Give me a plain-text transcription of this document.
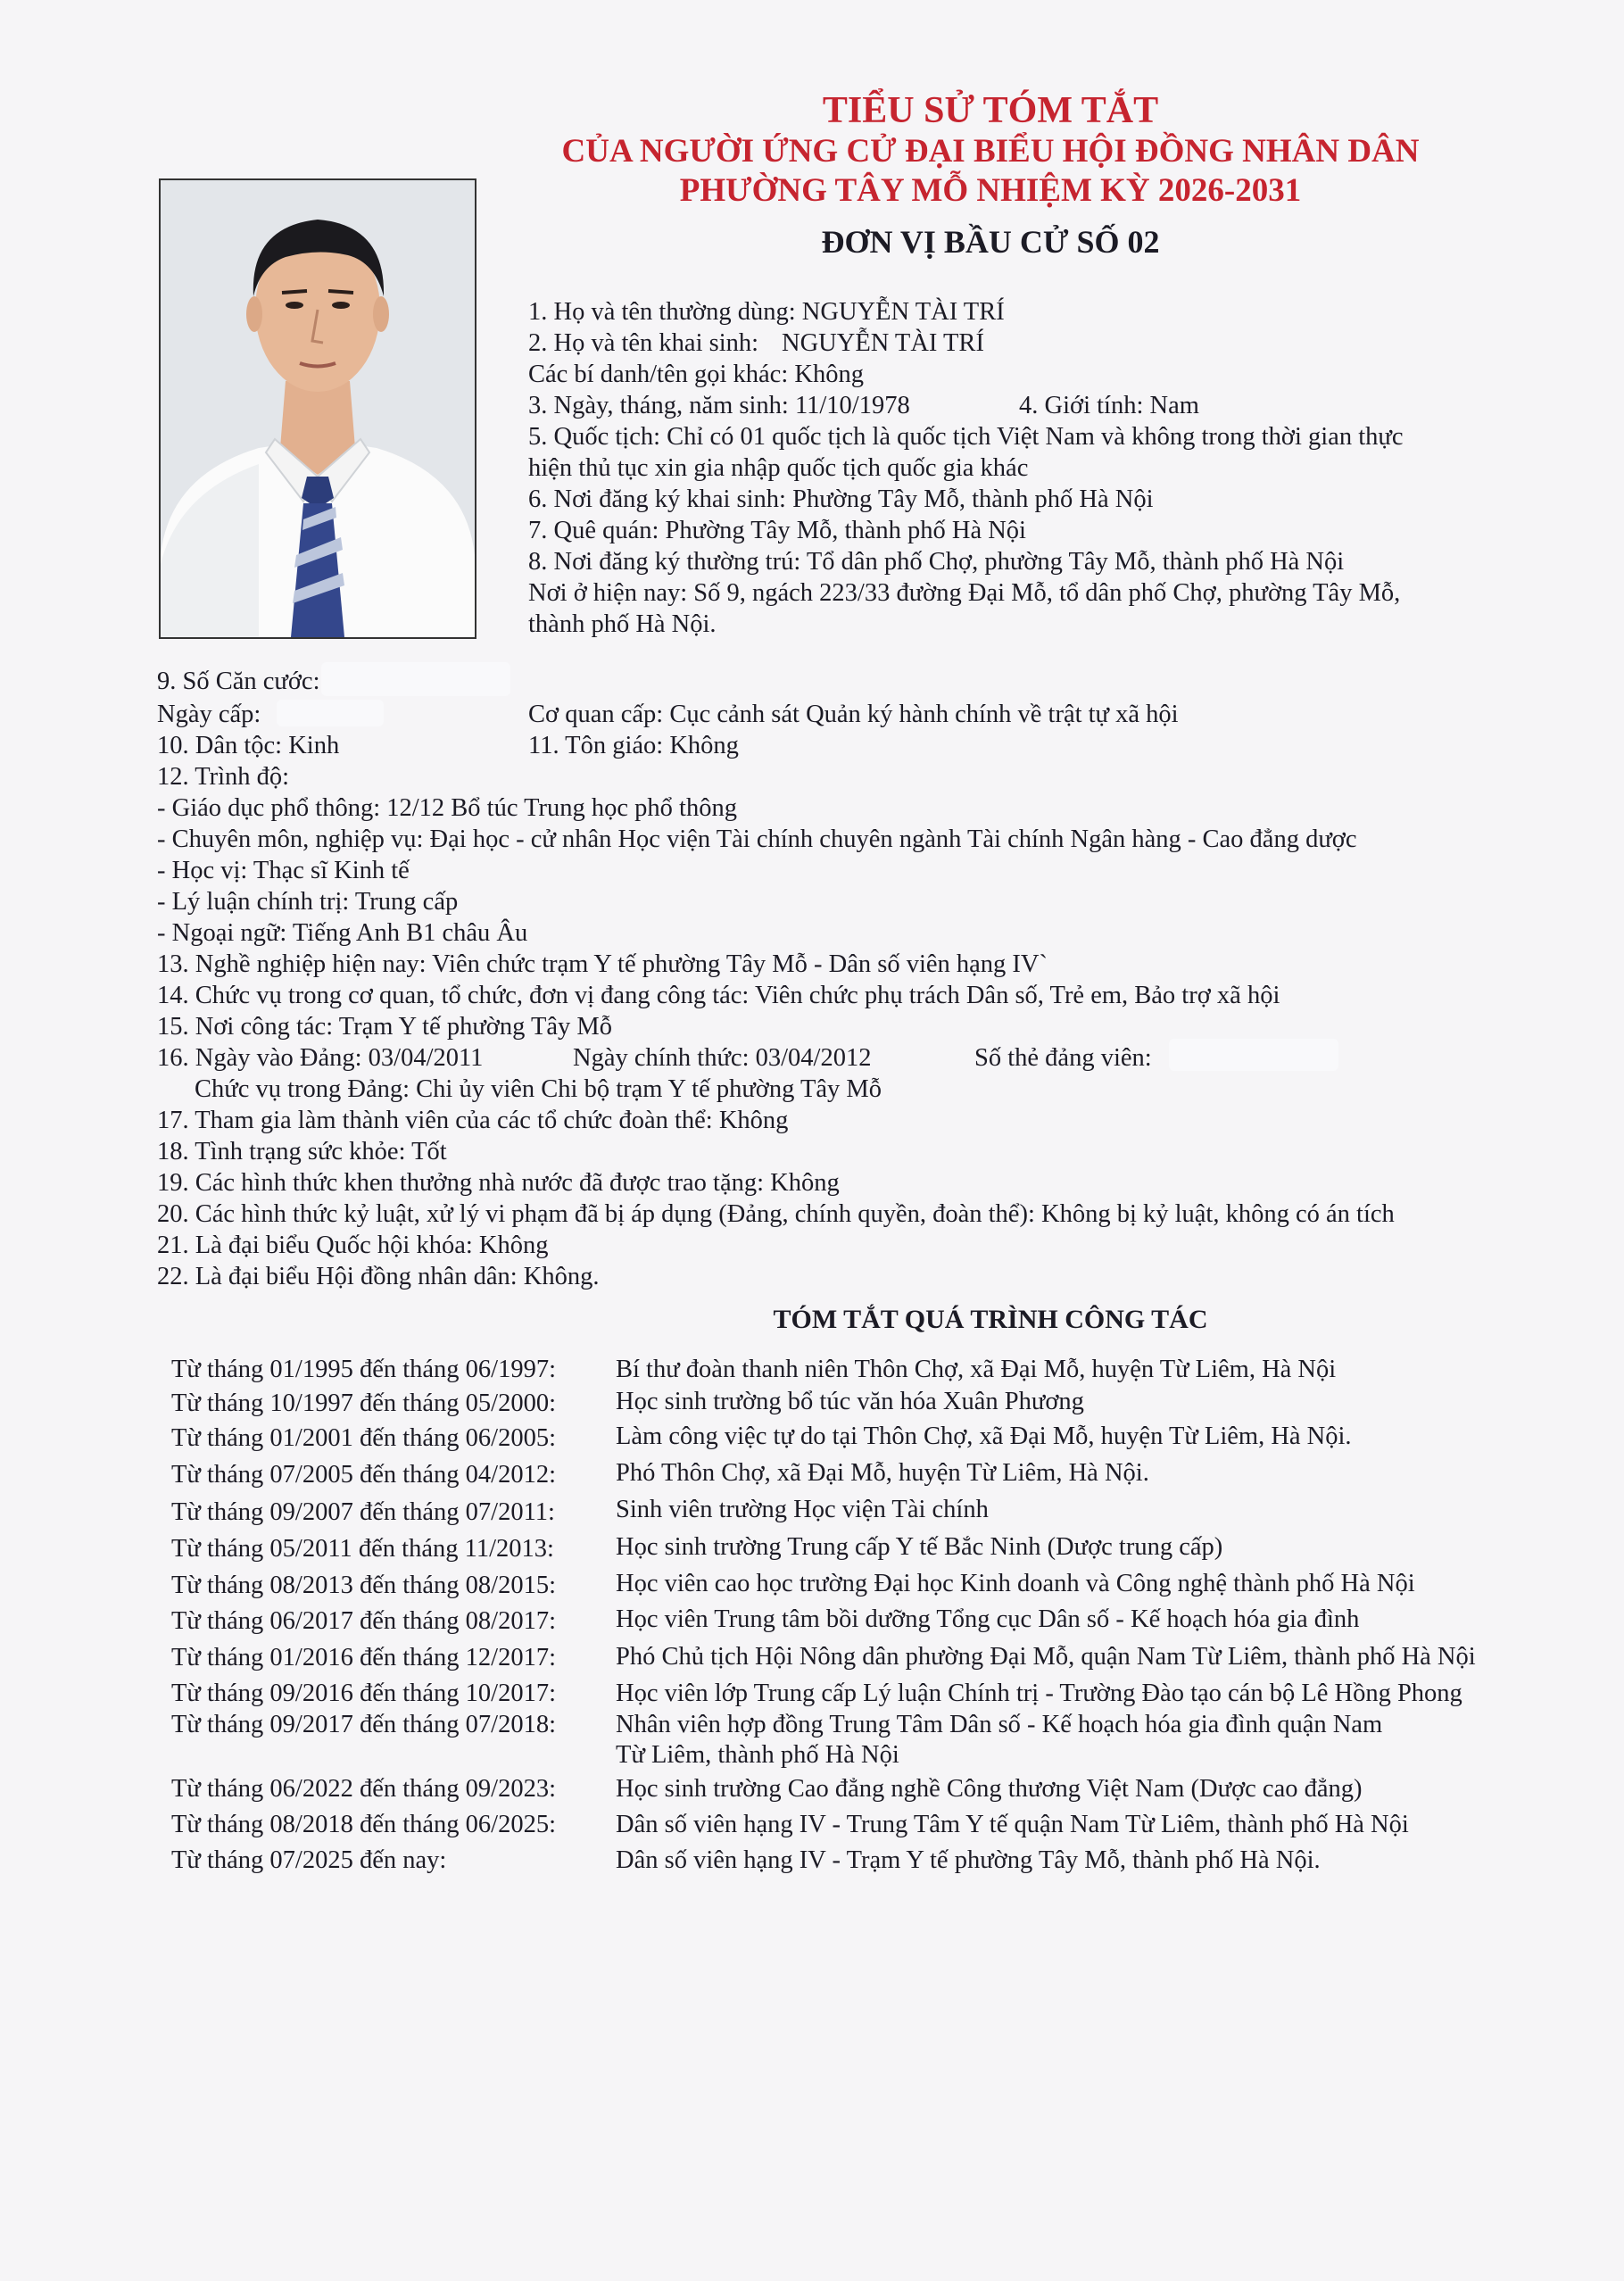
TIỂU SỬ TÓM TẮT
CỦA NGƯỜI ỨNG CỬ ĐẠI BIỂU HỘI ĐỒNG NHÂN DÂN
PHƯỜNG TÂY MỖ NHIỆM KỲ 2026-2031
ĐƠN VỊ BẦU CỬ SỐ 02
1. Họ và tên thường dùng: NGUYỄN TÀI TRÍ
2. Họ và tên khai sinh: NGUYỄN TÀI TRÍ
Các bí danh/tên gọi khác: Không
3. Ngày, tháng, năm sinh: 11/10/1978	4. Giới tính: Nam
5. Quốc tịch: Chỉ có 01 quốc tịch là quốc tịch Việt Nam và không trong thời gian thực
hiện thủ tục xin gia nhập quốc tịch quốc gia khác
6. Nơi đăng ký khai sinh: Phường Tây Mỗ, thành phố Hà Nội
7. Quê quán: Phường Tây Mỗ, thành phố Hà Nội
8. Nơi đăng ký thường trú: Tổ dân phố Chợ, phường Tây Mỗ, thành phố Hà Nội
Nơi ở hiện nay: Số 9, ngách 223/33 đường Đại Mỗ, tổ dân phố Chợ, phường Tây Mỗ,
thành phố Hà Nội.
9. Số Căn cước:
Ngày cấp:	Cơ quan cấp: Cục cảnh sát Quản ký hành chính về trật tự xã hội
10. Dân tộc: Kinh	11. Tôn giáo: Không
12. Trình độ:
- Giáo dục phổ thông: 12/12 Bổ túc Trung học phổ thông
- Chuyên môn, nghiệp vụ: Đại học - cử nhân Học viện Tài chính chuyên ngành Tài chính Ngân hàng - Cao đẳng dược
- Học vị: Thạc sĩ Kinh tế
- Lý luận chính trị: Trung cấp
- Ngoại ngữ: Tiếng Anh B1 châu Âu
13. Nghề nghiệp hiện nay: Viên chức trạm Y tế phường Tây Mỗ - Dân số viên hạng IV`
14. Chức vụ trong cơ quan, tổ chức, đơn vị đang công tác: Viên chức phụ trách Dân số, Trẻ em, Bảo trợ xã hội
15. Nơi công tác: Trạm Y tế phường Tây Mỗ
16. Ngày vào Đảng: 03/04/2011	Ngày chính thức: 03/04/2012	Số thẻ đảng viên:
Chức vụ trong Đảng: Chi ủy viên Chi bộ trạm Y tế phường Tây Mỗ
17. Tham gia làm thành viên của các tổ chức đoàn thể: Không
18. Tình trạng sức khỏe: Tốt
19. Các hình thức khen thưởng nhà nước đã được trao tặng: Không
20. Các hình thức kỷ luật, xử lý vi phạm đã bị áp dụng (Đảng, chính quyền, đoàn thể): Không bị kỷ luật, không có án tích
21. Là đại biểu Quốc hội khóa: Không
22. Là đại biểu Hội đồng nhân dân: Không.
TÓM TẮT QUÁ TRÌNH CÔNG TÁC
Từ tháng 01/1995 đến tháng 06/1997: Bí thư đoàn thanh niên Thôn Chợ, xã Đại Mỗ, huyện Từ Liêm, Hà Nội
Từ tháng 10/1997 đến tháng 05/2000: Học sinh trường bổ túc văn hóa Xuân Phương
Từ tháng 01/2001 đến tháng 06/2005: Làm công việc tự do tại Thôn Chợ, xã Đại Mỗ, huyện Từ Liêm, Hà Nội.
Từ tháng 07/2005 đến tháng 04/2012: Phó Thôn Chợ, xã Đại Mỗ, huyện Từ Liêm, Hà Nội.
Từ tháng 09/2007 đến tháng 07/2011: Sinh viên trường Học viện Tài chính
Từ tháng 05/2011 đến tháng 11/2013: Học sinh trường Trung cấp Y tế Bắc Ninh (Dược trung cấp)
Từ tháng 08/2013 đến tháng 08/2015: Học viên cao học trường Đại học Kinh doanh và Công nghệ thành phố Hà Nội
Từ tháng 06/2017 đến tháng 08/2017: Học viên Trung tâm bồi dưỡng Tổng cục Dân số - Kế hoạch hóa gia đình
Từ tháng 01/2016 đến tháng 12/2017: Phó Chủ tịch Hội Nông dân phường Đại Mỗ, quận Nam Từ Liêm, thành phố Hà Nội
Từ tháng 09/2016 đến tháng 10/2017: Học viên lớp Trung cấp Lý luận Chính trị - Trường Đào tạo cán bộ Lê Hồng Phong
Từ tháng 09/2017 đến tháng 07/2018: Nhân viên hợp đồng Trung Tâm Dân số - Kế hoạch hóa gia đình quận Nam
Từ Liêm, thành phố Hà Nội
Từ tháng 06/2022 đến tháng 09/2023: Học sinh trường Cao đẳng nghề Công thương Việt Nam (Dược cao đẳng)
Từ tháng 08/2018 đến tháng 06/2025: Dân số viên hạng IV - Trung Tâm Y tế quận Nam Từ Liêm, thành phố Hà Nội
Từ tháng 07/2025 đến nay:	Dân số viên hạng IV - Trạm Y tế phường Tây Mỗ, thành phố Hà Nội.
